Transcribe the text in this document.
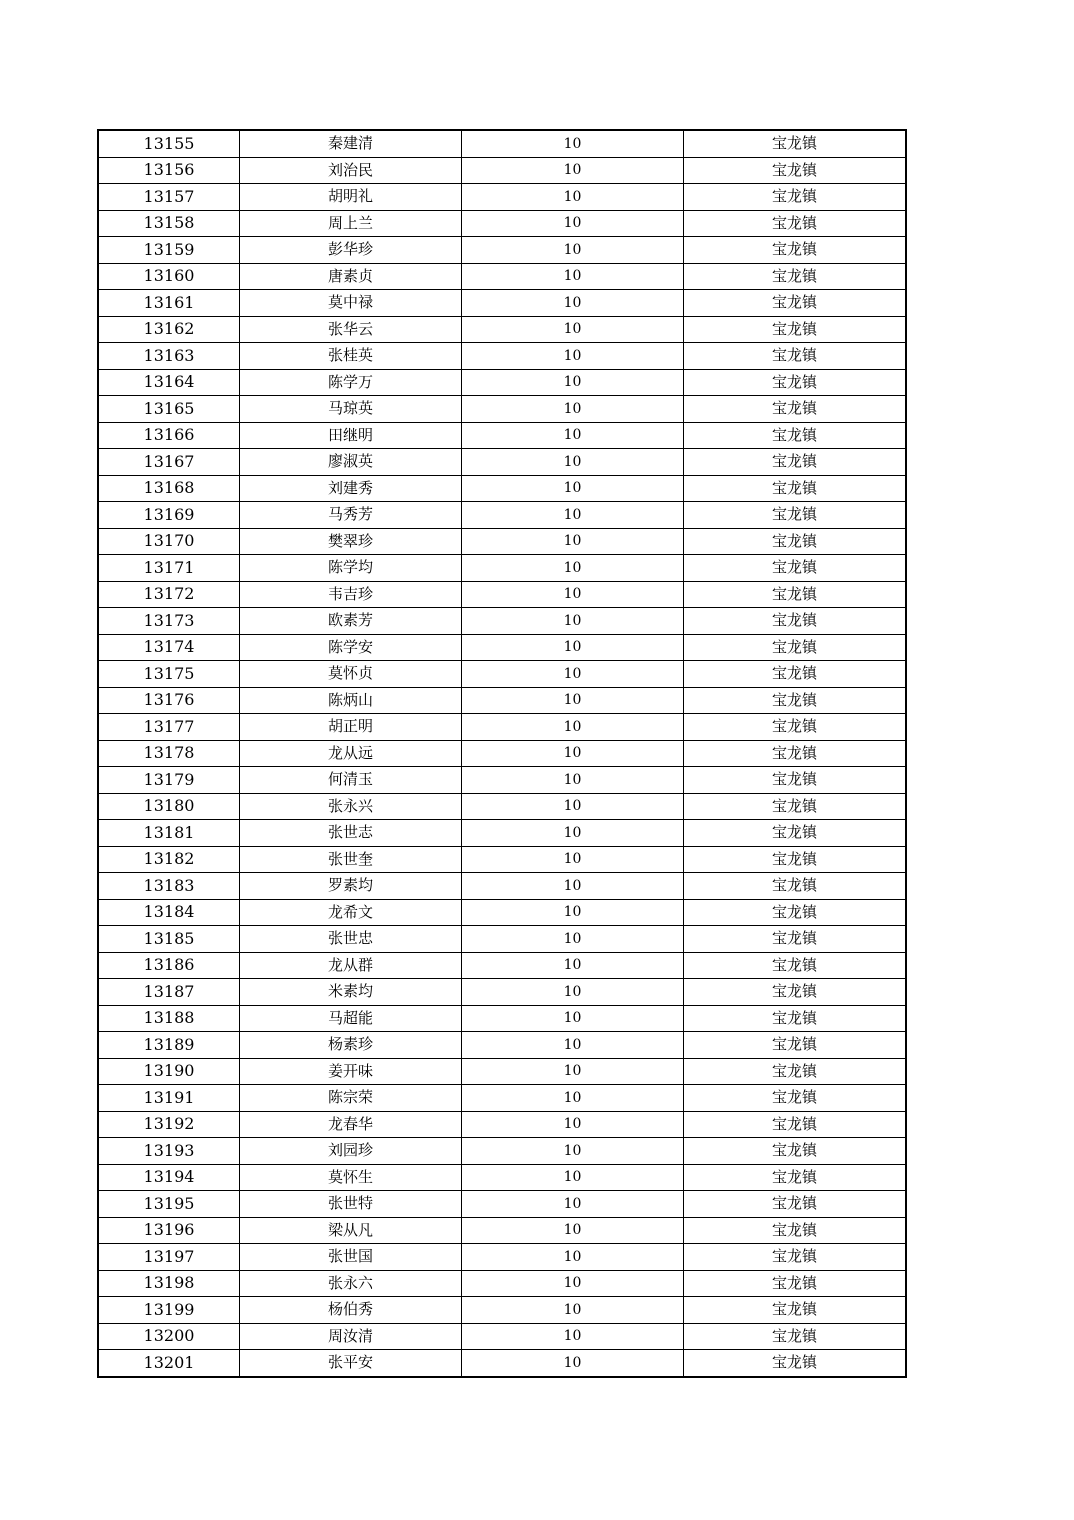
13155	秦建清	10	宝龙镇
13156	刘治民	10	宝龙镇
13157	胡明礼	10	宝龙镇
13158	周上兰	10	宝龙镇
13159	彭华珍	10	宝龙镇
13160	唐素贞	10	宝龙镇
13161	莫中禄	10	宝龙镇
13162	张华云	10	宝龙镇
13163	张桂英	10	宝龙镇
13164	陈学万	10	宝龙镇
13165	马琼英	10	宝龙镇
13166	田继明	10	宝龙镇
13167	廖淑英	10	宝龙镇
13168	刘建秀	10	宝龙镇
13169	马秀芳	10	宝龙镇
13170	樊翠珍	10	宝龙镇
13171	陈学均	10	宝龙镇
13172	韦吉珍	10	宝龙镇
13173	欧素芳	10	宝龙镇
13174	陈学安	10	宝龙镇
13175	莫怀贞	10	宝龙镇
13176	陈炳山	10	宝龙镇
13177	胡正明	10	宝龙镇
13178	龙从远	10	宝龙镇
13179	何清玉	10	宝龙镇
13180	张永兴	10	宝龙镇
13181	张世志	10	宝龙镇
13182	张世奎	10	宝龙镇
13183	罗素均	10	宝龙镇
13184	龙希文	10	宝龙镇
13185	张世忠	10	宝龙镇
13186	龙从群	10	宝龙镇
13187	米素均	10	宝龙镇
13188	马超能	10	宝龙镇
13189	杨素珍	10	宝龙镇
13190	姜开味	10	宝龙镇
13191	陈宗荣	10	宝龙镇
13192	龙春华	10	宝龙镇
13193	刘园珍	10	宝龙镇
13194	莫怀生	10	宝龙镇
13195	张世特	10	宝龙镇
13196	梁从凡	10	宝龙镇
13197	张世国	10	宝龙镇
13198	张永六	10	宝龙镇
13199	杨伯秀	10	宝龙镇
13200	周汝清	10	宝龙镇
13201	张平安	10	宝龙镇
